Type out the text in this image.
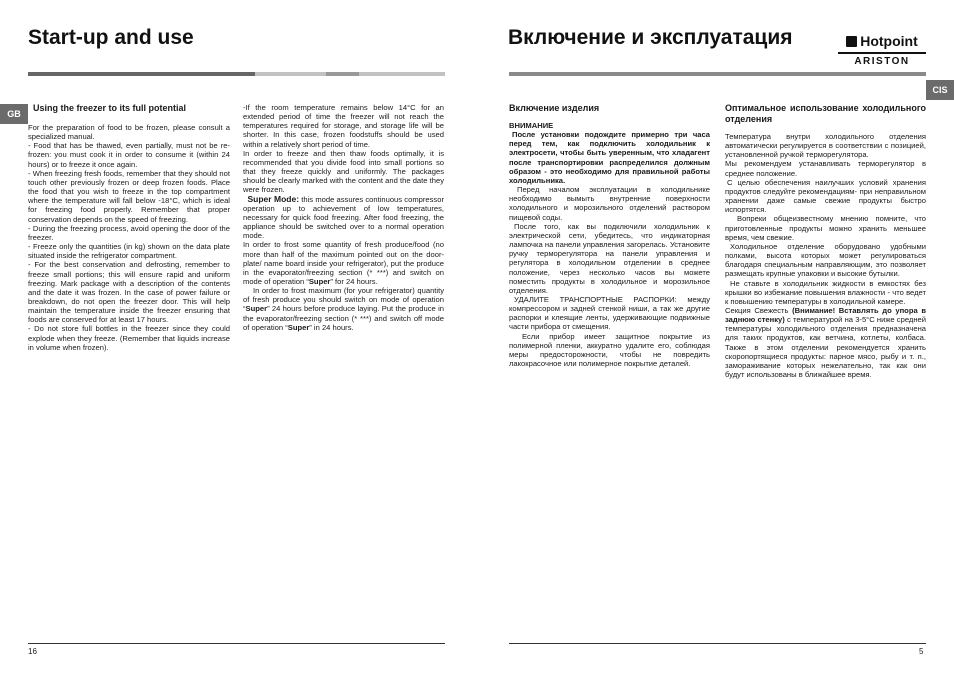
Start-up and use
GB
Using the freezer to its full potential

For the preparation of food to be frozen, please consult a specialized manual.

- Food that has be thawed, even partially, must not be re-frozen: you must cook it in order to consume it (within 24 hours) or to freeze it once again.

- When freezing fresh foods, remember that they should not touch other previously frozen or deep frozen foods. Place the food that you wish to freeze in the top compartment where the temperature will fall below -18°C, which is ideal for freezing food properly. Remember that proper conservation depends on the speed of freezing.

- During the freezing process, avoid opening the door of the freezer.

- Freeze only the quantities (in kg) shown on the data plate situated inside the refrigerator compartment.

- For the best conservation and defrosting, remember to freeze small portions; this will ensure rapid and uniform freezing. Mark package with a description of the contents and the date it was frozen. In the case of power failure or breakdown, do not open the freezer door. This will help maintain the temperature inside the freezer ensuring that foods are conserved for at least 17 hours.

- Do not store full bottles in the freezer since they could explode when they freeze. (Remember that liquids increase in volume when frozen).

-If the room temperature remains below 14°C for an extended period of time the freezer will not reach the temperatures required for storage, and storage life will be shorter. In this case, frozen foodstuffs should be used within a relatively short period of time.

In order to freeze and then thaw foods optimally, it is recommended that you divide food into small portions so that they freeze quickly and uniformly. The packages should be clearly marked with the content and the date they were frozen.

Super Mode: this mode assures continuous compressor operation up to achievement of low temperatures, necessary for quick food freezing. After food freezing, the appliance should be switched over to a normal operation mode.

In order to frost some quantity of fresh produce/food (no more than half of the maximum pointed out on the door-plate/ name board inside your refrigerator), put the produce in the evaporator/freezing section (* ***) and switch on mode of operation “Super” for 24 hours.

In order to frost maximum (for your refrigerator) quantity of fresh produce you should switch on mode of operation “Super” 24 hours before produce laying. Put the produce in the evaporator/freezing section (* ***) and switch off mode of operation “Super” in 24 hours.

16
Включение и эксплуатация	Hotpoint
ARISTON
CIS
Включение изделия

ВНИМАНИЕ

После установки подождите примерно три часа перед тем, как подключить холодильник к электросети, чтобы быть уверенным, что хладагент после транспортировки распределился должным образом - это необходимо для правильной работы холодильника.

Перед началом эксплуатации в холодильнике необходимо вымыть внутренние поверхности холодильного и морозильного отделений раствором пищевой соды.

После того, как вы подключили холодильник к электрической сети, убедитесь, что индикаторная лампочка на панели управления загорелась. Установите ручку терморегулятора на панели управления и регулятора в холодильном отделении в среднее положение, через несколько часов вы можете поместить продукты в холодильное и морозильное отделения.

УДАЛИТЕ ТРАНСПОРТНЫЕ РАСПОРКИ: между компрессором и задней стенкой ниши, а так же другие распорки и клеящие ленты, удерживающие подвижные части прибора от смещения.

Если прибор имеет защитное покрытие из полимерной пленки, аккуратно удалите его, соблюдая меры предосторожности, чтобы не повредить лакокрасочное или полимерное покрытие деталей.

Оптимальное использование холодильного отделения

Температура внутри холодильного отделения автоматически регулируется в соответствии с позицией, установленной ручкой терморегулятора.

Мы рекомендуем устанавливать терморегулятор в среднее положение.

С целью обеспечения наилучших условий хранения продуктов следуйте рекомендациям- при неправильном хранении даже самые свежие продукты быстро испортятся.

Вопреки общеизвестному мнению помните, что приготовленные продукты можно хранить меньшее время, чем свежие.

Холодильное отделение оборудовано удобными полками, высота которых может регулироваться благодаря специальным направляющим, это позволяет размещать крупные упаковки и высокие бутылки.

Не ставьте в холодильник жидкости в емкостях без крышки во избежание повышения влажности - что ведет к повышению температуры в холодильной камере.

Секция Свежесть (Внимание! Вставлять до упора в заднюю стенку) с температурой на 3-5°С ниже средней температуры холодильного отделения предназначена для таких продуктов, как ветчина, котлеты, колбаса. Также в этом отделении рекомендуется хранить скоропортящиеся продукты: парное мясо, рыбу и т. п., замораживание которых нежелательно, так как они будут использованы в ближайшее время.

5
